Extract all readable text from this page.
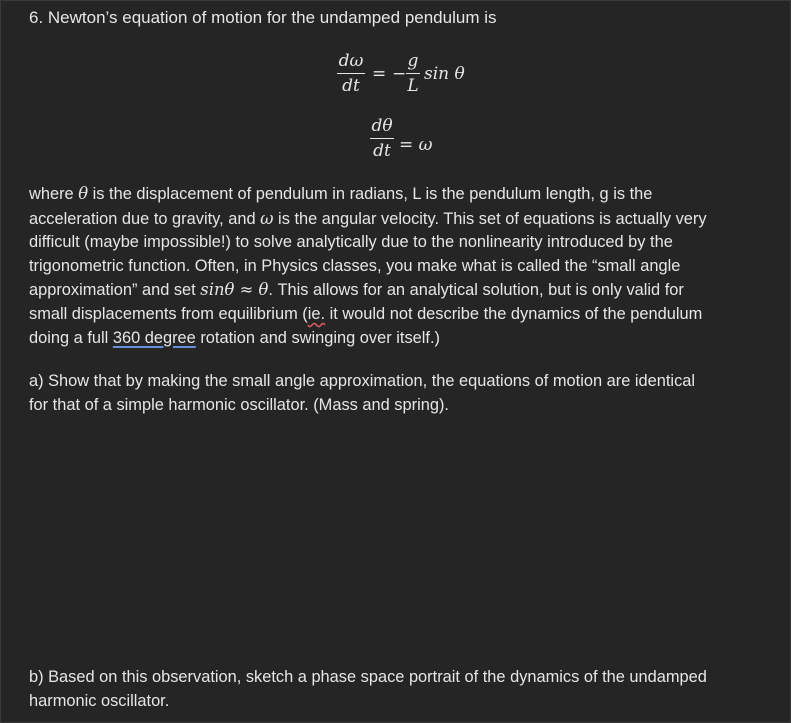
6. Newton’s equation of motion for the undamped pendulum is
dω
dt
= −
g
L
sin θ
dθ
dt = ω
where θ is the displacement of pendulum in radians, L is the pendulum length, g is the
acceleration due to gravity, and ω is the angular velocity. This set of equations is actually very
difficult (maybe impossible!) to solve analytically due to the nonlinearity introduced by the
trigonometric function. Often, in Physics classes, you make what is called the “small angle
approximation” and set sinθ ≈ θ. This allows for an analytical solution, but is only valid for
small displacements from equilibrium (ie. it would not describe the dynamics of the pendulum
doing a full 360 degree rotation and swinging over itself.)
a) Show that by making the small angle approximation, the equations of motion are identical
for that of a simple harmonic oscillator. (Mass and spring).
b) Based on this observation, sketch a phase space portrait of the dynamics of the undamped
harmonic oscillator.
